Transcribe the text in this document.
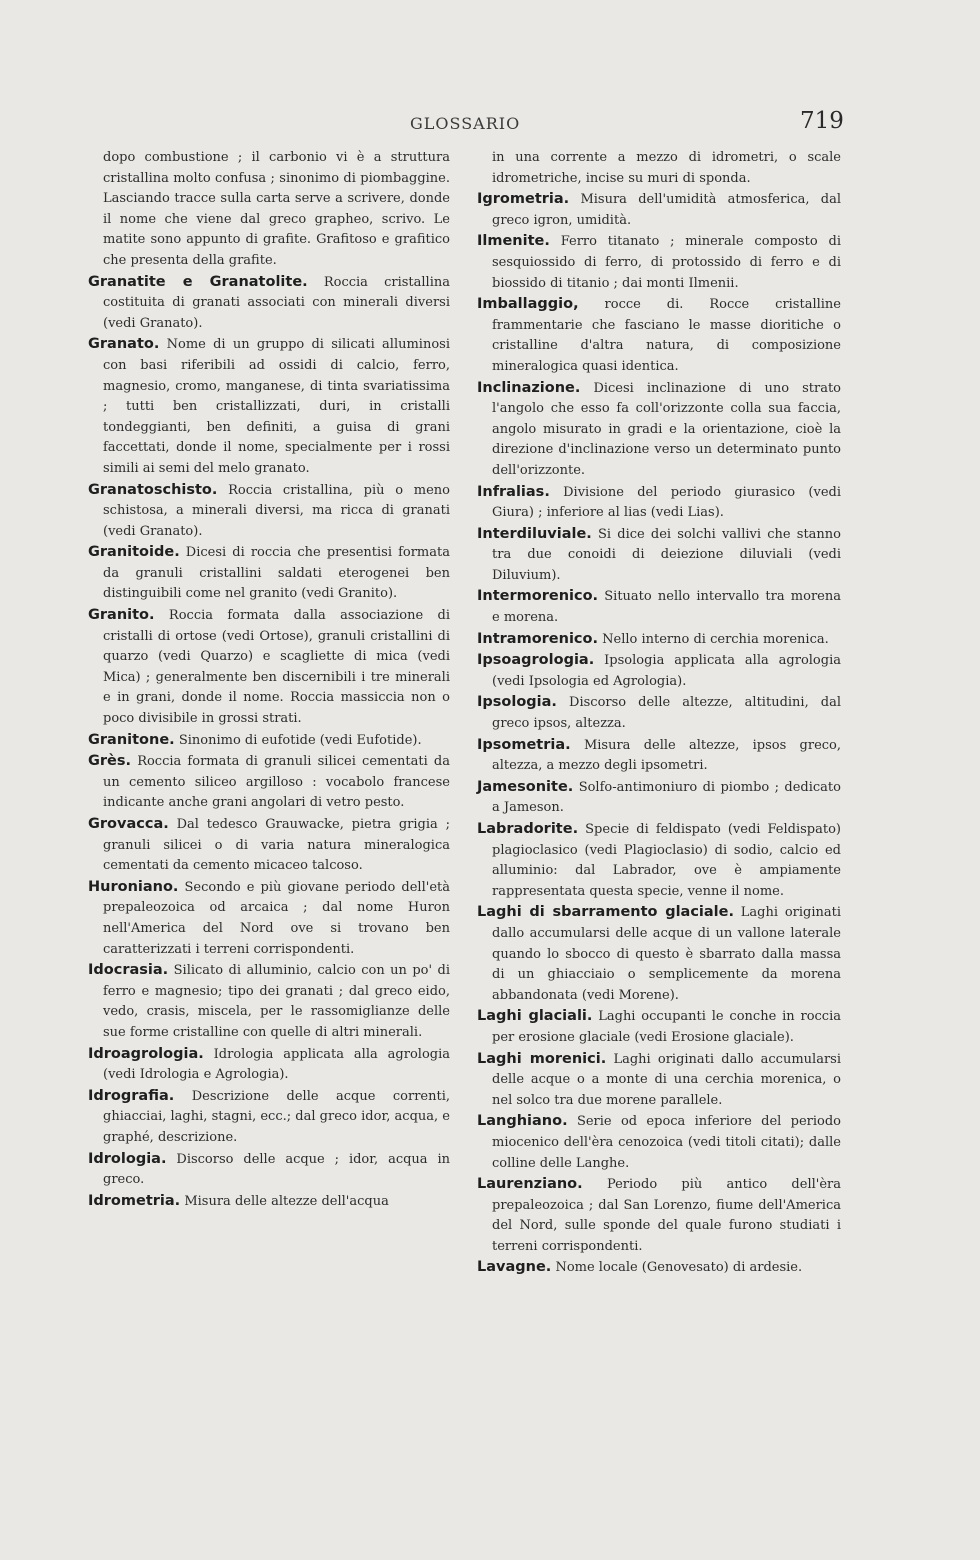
GLOSSARIO	719

dopo combustione ; il carbonio vi è a struttura cristallina molto confusa ; sinonimo di piombaggine. Lasciando tracce sulla carta serve a scrivere, donde il nome che viene dal greco grapheo, scrivo. Le matite sono appunto di grafite. Grafitoso e grafitico che presenta della grafite.

Granatite e Granatolite. Roccia cristallina costituita di granati associati con minerali diversi (vedi Granato).

Granato. Nome di un gruppo di silicati alluminosi con basi riferibili ad ossidi di calcio, ferro, magnesio, cromo, manganese, di tinta svariatissima ; tutti ben cristallizzati, duri, in cristalli tondeggianti, ben definiti, a guisa di grani faccettati, donde il nome, specialmente per i rossi simili ai semi del melo granato.

Granatoschisto. Roccia cristallina, più o meno schistosa, a minerali diversi, ma ricca di granati (vedi Granato).

Granitoide. Dicesi di roccia che presentisi formata da granuli cristallini saldati eterogenei ben distinguibili come nel granito (vedi Granito).

Granito. Roccia formata dalla associazione di cristalli di ortose (vedi Ortose), granuli cristallini di quarzo (vedi Quarzo) e scagliette di mica (vedi Mica) ; generalmente ben discernibili i tre minerali e in grani, donde il nome. Roccia massiccia non o poco divisibile in grossi strati.

Granitone. Sinonimo di eufotide (vedi Eufotide).

Grès. Roccia formata di granuli silicei cementati da un cemento siliceo argilloso : vocabolo francese indicante anche grani angolari di vetro pesto.

Grovacca. Dal tedesco Grauwacke, pietra grigia ; granuli silicei o di varia natura mineralogica cementati da cemento micaceo talcoso.

Huroniano. Secondo e più giovane periodo dell'età prepaleozoica od arcaica ; dal nome Huron nell'America del Nord ove si trovano ben caratterizzati i terreni corrispondenti.

Idocrasia. Silicato di alluminio, calcio con un po' di ferro e magnesio; tipo dei granati ; dal greco eido, vedo, crasis, miscela, per le rassomiglianze delle sue forme cristalline con quelle di altri minerali.

Idroagrologia. Idrologia applicata alla agrologia (vedi Idrologia e Agrologia).

Idrografia. Descrizione delle acque correnti, ghiacciai, laghi, stagni, ecc.; dal greco idor, acqua, e graphé, descrizione.

Idrologia. Discorso delle acque ; idor, acqua in greco.

Idrometria. Misura delle altezze dell'acqua

in una corrente a mezzo di idrometri, o scale idrometriche, incise su muri di sponda.

Igrometria. Misura dell'umidità atmosferica, dal greco igron, umidità.

Ilmenite. Ferro titanato ; minerale composto di sesquiossido di ferro, di protossido di ferro e di biossido di titanio ; dai monti Ilmenii.

Imballaggio, rocce di. Rocce cristalline frammentarie che fasciano le masse dioritiche o cristalline d'altra natura, di composizione mineralogica quasi identica.

Inclinazione. Dicesi inclinazione di uno strato l'angolo che esso fa coll'orizzonte colla sua faccia, angolo misurato in gradi e la orientazione, cioè la direzione d'inclinazione verso un determinato punto dell'orizzonte.

Infralias. Divisione del periodo giurasico (vedi Giura) ; inferiore al lias (vedi Lias).

Interdiluviale. Si dice dei solchi vallivi che stanno tra due conoidi di deiezione diluviali (vedi Diluvium).

Intermorenico. Situato nello intervallo tra morena e morena.

Intramorenico. Nello interno di cerchia morenica.

Ipsoagrologia. Ipsologia applicata alla agrologia (vedi Ipsologia ed Agrologia).

Ipsologia. Discorso delle altezze, altitudini, dal greco ipsos, altezza.

Ipsometria. Misura delle altezze, ipsos greco, altezza, a mezzo degli ipsometri.

Jamesonite. Solfo-antimoniuro di piombo ; dedicato a Jameson.

Labradorite. Specie di feldispato (vedi Feldispato) plagioclasico (vedi Plagioclasio) di sodio, calcio ed alluminio: dal Labrador, ove è ampiamente rappresentata questa specie, venne il nome.

Laghi di sbarramento glaciale. Laghi originati dallo accumularsi delle acque di un vallone laterale quando lo sbocco di questo è sbarrato dalla massa di un ghiacciaio o semplicemente da morena abbandonata (vedi Morene).

Laghi glaciali. Laghi occupanti le conche in roccia per erosione glaciale (vedi Erosione glaciale).

Laghi morenici. Laghi originati dallo accumularsi delle acque o a monte di una cerchia morenica, o nel solco tra due morene parallele.

Langhiano. Serie od epoca inferiore del periodo miocenico dell'èra cenozoica (vedi titoli citati); dalle colline delle Langhe.

Laurenziano. Periodo più antico dell'èra prepaleozoica ; dal San Lorenzo, fiume dell'America del Nord, sulle sponde del quale furono studiati i terreni corrispondenti.

Lavagne. Nome locale (Genovesato) di ardesie.
